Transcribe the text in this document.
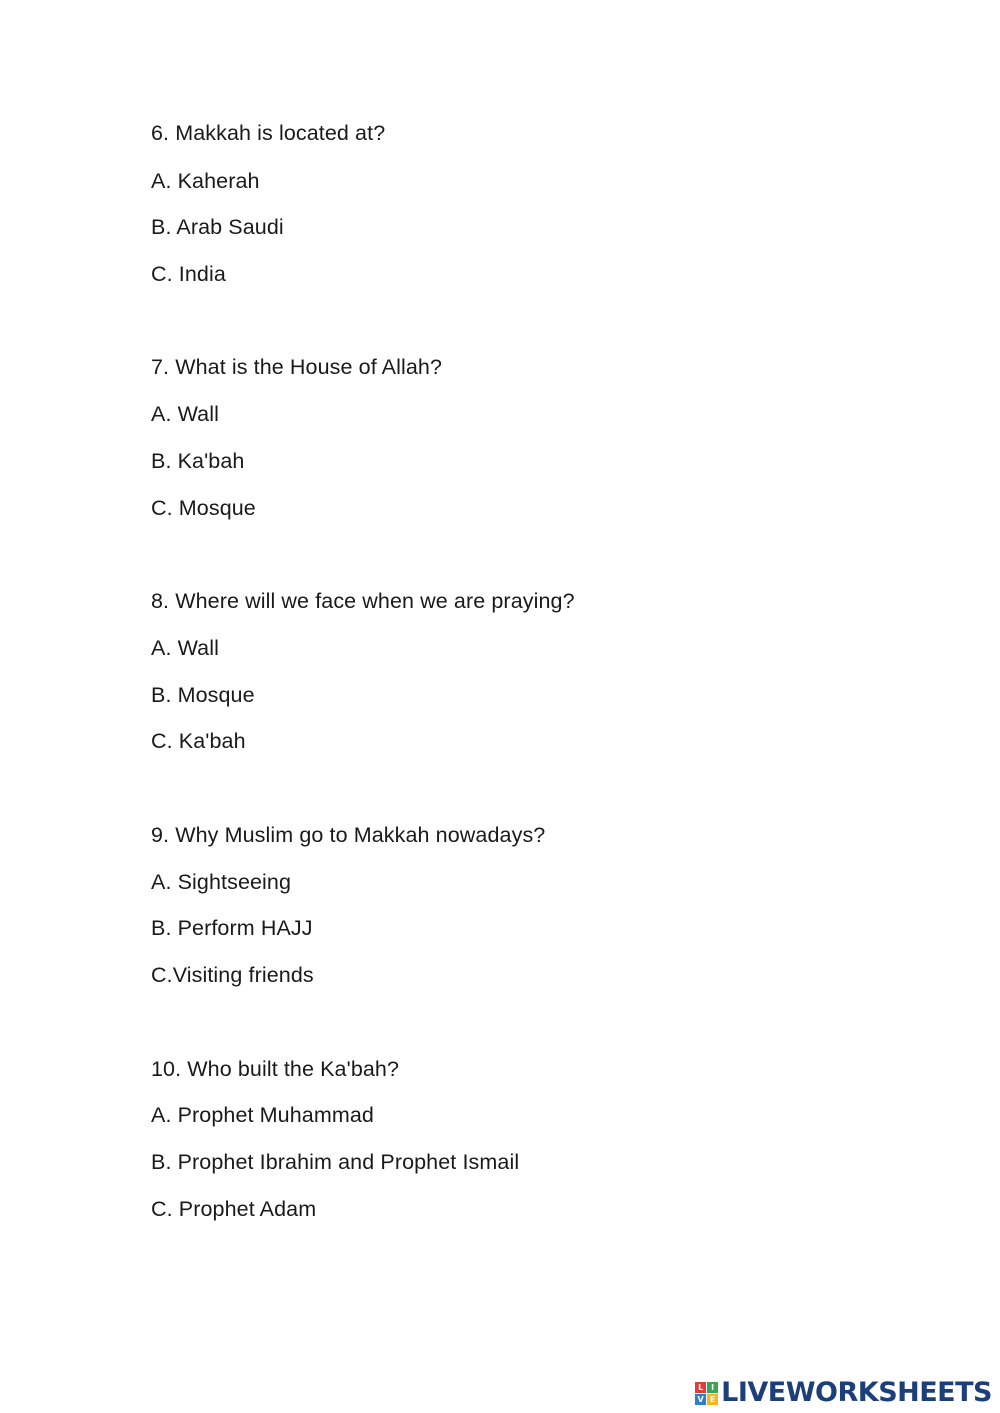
6. Makkah is located at?
A. Kaherah
B. Arab Saudi
C. India
7. What is the House of Allah?
A. Wall
B. Ka'bah
C. Mosque
8. Where will we face when we are praying?
A. Wall
B. Mosque
C. Ka'bah
9. Why Muslim go to Makkah nowadays?
A. Sightseeing
B. Perform HAJJ
C.Visiting friends
10. Who built the Ka'bah?
A. Prophet Muhammad
B. Prophet Ibrahim and Prophet Ismail
C. Prophet Adam
L I
V E LIVEWORKSHEETS
